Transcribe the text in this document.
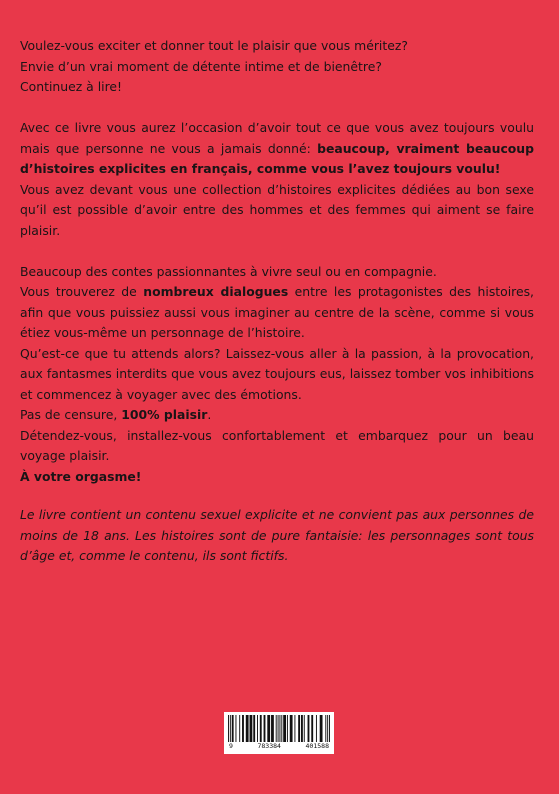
Voulez-vous exciter et donner tout le plaisir que vous méritez?

Envie d’un vrai moment de détente intime et de bienêtre?

Continuez à lire!

Avec ce livre vous aurez l’occasion d’avoir tout ce que vous avez toujours voulu mais que personne ne vous a jamais donné: beaucoup, vraiment beaucoup d’histoires explicites en français, comme vous l’avez toujours voulu!

Vous avez devant vous une collection d’histoires explicites dédiées au bon sexe qu’il est possible d’avoir entre des hommes et des femmes qui aiment se faire plaisir.

Beaucoup des contes passionnantes à vivre seul ou en compagnie.

Vous trouverez de nombreux dialogues entre les protagonistes des histoires, afin que vous puissiez aussi vous imaginer au centre de la scène, comme si vous étiez vous-même un personnage de l’histoire.

Qu’est-ce que tu attends alors? Laissez-vous aller à la passion, à la provocation, aux fantasmes interdits que vous avez toujours eus, laissez tomber vos inhibitions et commencez à voyager avec des émotions.

Pas de censure, 100% plaisir.

Détendez-vous, installez-vous confortablement et embarquez pour un beau voyage plaisir.

À votre orgasme!

Le livre contient un contenu sexuel explicite et ne convient pas aux personnes de moins de 18 ans. Les histoires sont de pure fantaisie: les personnages sont tous d’âge et, comme le contenu, ils sont fictifs.

9	783384	401588
